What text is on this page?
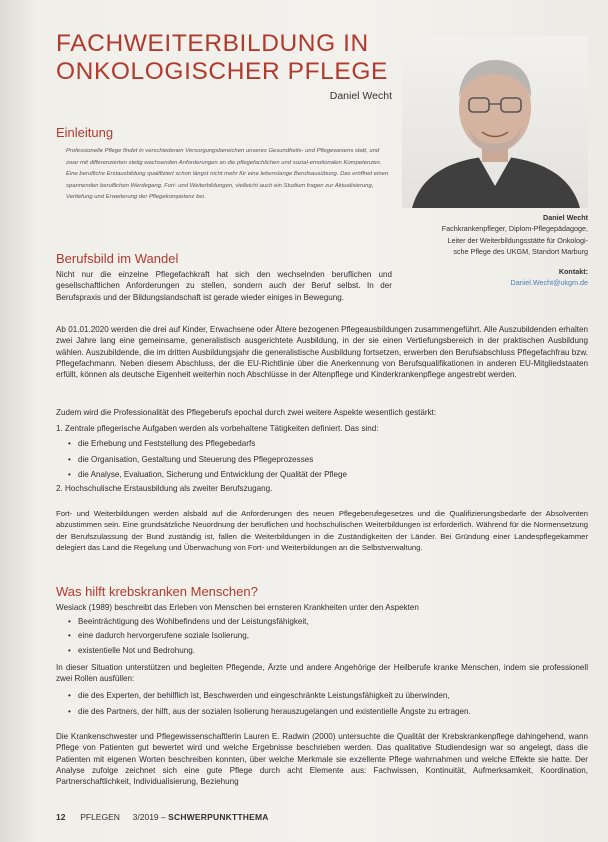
FACHWEITERBILDUNG IN
ONKOLOGISCHER PFLEGE
Daniel Wecht
Einleitung
Professionelle Pflege findet in verschiedenen Versorgungsbereichen unseres Gesundheits- und Pflegewesens statt, und zwar mit differenzierten stetig wachsenden Anforderungen an die pflegefachlichen und sozial-emotionalen Kompetenzen. Eine berufliche Erstausbildung qualifiziert schon längst nicht mehr für eine lebenslange Berufsausübung. Das eröffnet einen spannenden beruflichen Werdegang, Fort- und Weiterbildungen, vielleicht auch ein Studium fragen zur Aktualisierung, Vertiefung und Erweiterung der Pflegekompetenz bei.
Berufsbild im Wandel
Nicht nur die einzelne Pflegefachkraft hat sich den wechselnden beruflichen und gesellschaftlichen Anforderungen zu stellen, sondern auch der Beruf selbst. In der Berufspraxis und der Bildungslandschaft ist gerade wieder einiges in Bewegung.
Ab 01.01.2020 werden die drei auf Kinder, Erwachsene oder Ältere bezogenen Pflegeausbildungen zusammengeführt. Alle Auszubildenden erhalten zwei Jahre lang eine gemeinsame, generalistisch ausgerichtete Ausbildung, in der sie einen Vertiefungsbereich in der praktischen Ausbildung wählen. Auszubildende, die im dritten Ausbildungsjahr die generalistische Ausbildung fortsetzen, erwerben den Berufsabschluss Pflegefachfrau bzw. Pflegefachmann. Neben diesem Abschluss, der die EU-Richtlinie über die Anerkennung von Berufsqualifikationen in anderen EU-Mitgliedstaaten erfüllt, können als deutsche Eigenheit weiterhin noch Abschlüsse in der Altenpflege und Kinderkrankenpflege angestrebt werden.
Zudem wird die Professionalität des Pflegeberufs epochal durch zwei weitere Aspekte wesentlich gestärkt:
1. Zentrale pflegerische Aufgaben werden als vorbehaltene Tätigkeiten definiert. Das sind:
• die Erhebung und Feststellung des Pflegebedarfs
• die Organisation, Gestaltung und Steuerung des Pflegeprozesses
• die Analyse, Evaluation, Sicherung und Entwicklung der Qualität der Pflege
2. Hochschulische Erstausbildung als zweiter Berufszugang.
Fort- und Weiterbildungen werden alsbald auf die Anforderungen des neuen Pflegeberufegesetzes und die Qualifizierungsbedarfe der Absolventen abzustimmen sein. Eine grundsätzliche Neuordnung der beruflichen und hochschulischen Weiterbildungen ist erforderlich. Während für die Normensetzung der Berufszulassung der Bund zuständig ist, fallen die Weiterbildungen in die Zuständigkeiten der Länder. Bei Gründung einer Landespflegekammer delegiert das Land die Regelung und Überwachung von Fort- und Weiterbildungen an die Selbstverwaltung.
Was hilft krebskranken Menschen?
Wesiack (1989) beschreibt das Erleben von Menschen bei ernsteren Krankheiten unter den Aspekten
• Beeinträchtigung des Wohlbefindens und der Leistungsfähigkeit,
• eine dadurch hervorgerufene soziale Isolierung,
• existentielle Not und Bedrohung.
In dieser Situation unterstützen und begleiten Pflegende, Ärzte und andere Angehörige der Heilberufe kranke Menschen, indem sie professionell zwei Rollen ausfüllen:
• die des Experten, der behilflich ist, Beschwerden und eingeschränkte Leistungsfähigkeit zu überwinden,
• die des Partners, der hilft, aus der sozialen Isolierung herauszugelangen und existentielle Ängste zu ertragen.
Die Krankenschwester und Pflegewissenschaftlerin Lauren E. Radwin (2000) untersuchte die Qualität der Krebskrankenpflege dahingehend, wann Pflege von Patienten gut bewertet wird und welche Ergebnisse beschrieben werden. Das qualitative Studiendesign war so angelegt, dass die Patienten mit eigenen Worten beschreiben konnten, über welche Merkmale sie exzellente Pflege wahrnahmen und welche Effekte sie hatte. Der Analyse zufolge zeichnet sich eine gute Pflege durch acht Elemente aus: Fachwissen, Kontinuität, Aufmerksamkeit, Koordination, Partnerschaftlichkeit, Individualisierung, Beziehung
Daniel Wecht
Fachkrankenpfleger, Diplom-Pflegepädagoge,
Leiter der Weiterbildungsstätte für Onkologi-
sche Pflege des UKGM, Standort Marburg
Kontakt:
Daniel.Wecht@ukgm.de
12 PFLEGEN 3/2019 – SCHWERPUNKTTHEMA
